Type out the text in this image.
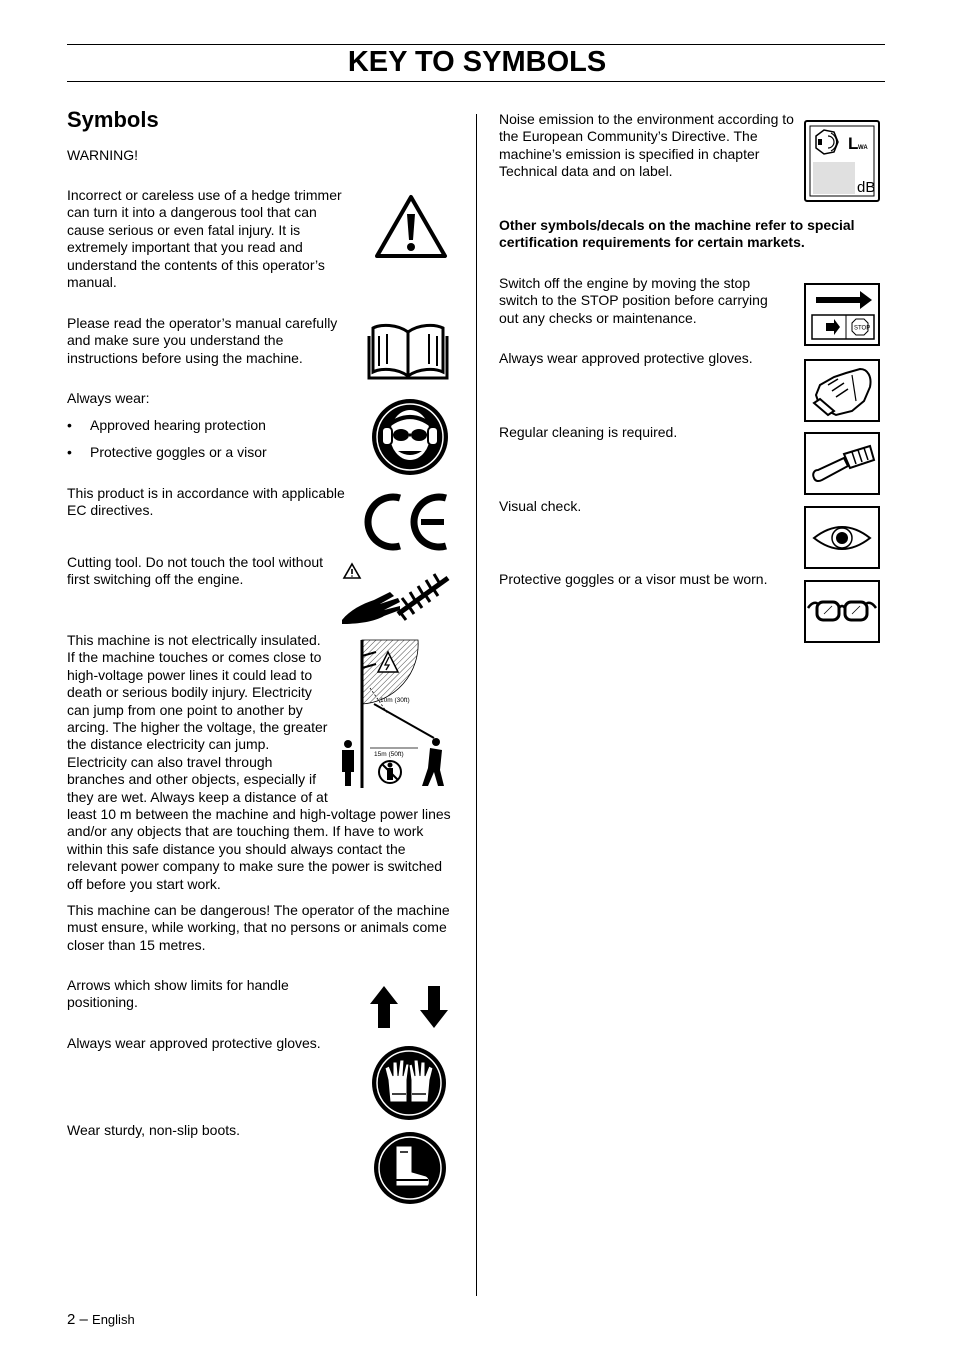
KEY TO SYMBOLS
Symbols

WARNING!

Incorrect or careless use of a hedge trimmer can turn it into a dangerous tool that can cause serious or even fatal injury. It is extremely important that you read and understand the contents of this operator’s manual.

Please read the operator’s manual carefully and make sure you understand the instructions before using the machine.

Always wear:

• Approved hearing protection
• Protective goggles or a visor

This product is in accordance with applicable EC directives.

Cutting tool. Do not touch the tool without first switching off the engine.

This machine is not electrically insulated. If the machine touches or comes close to high-voltage power lines it could lead to death or serious bodily injury. Electricity can jump from one point to another by arcing. The higher the voltage, the greater the distance electricity can jump. Electricity can also travel through branches and other objects, especially if they are wet. Always keep a distance of at

least 10 m between the machine and high-voltage power lines and/or any objects that are touching them. If have to work within this safe distance you should always contact the relevant power company to make sure the power is switched off before you start work.

10m (30ft)
15m (50ft)

This machine can be dangerous! The operator of the machine must ensure, while working, that no persons or animals come closer than 15 metres.

Arrows which show limits for handle positioning.

Always wear approved protective gloves.

Wear sturdy, non-slip boots.

Noise emission to the environment according to the European Community’s Directive. The machine’s emission is specified in chapter Technical data and on label.

L WA
dB

Other symbols/decals on the machine refer to special certification requirements for certain markets.

Switch off the engine by moving the stop switch to the STOP position before carrying out any checks or maintenance.

STOP

Always wear approved protective gloves.

Regular cleaning is required.

Visual check.

Protective goggles or a visor must be worn.

2 – English
